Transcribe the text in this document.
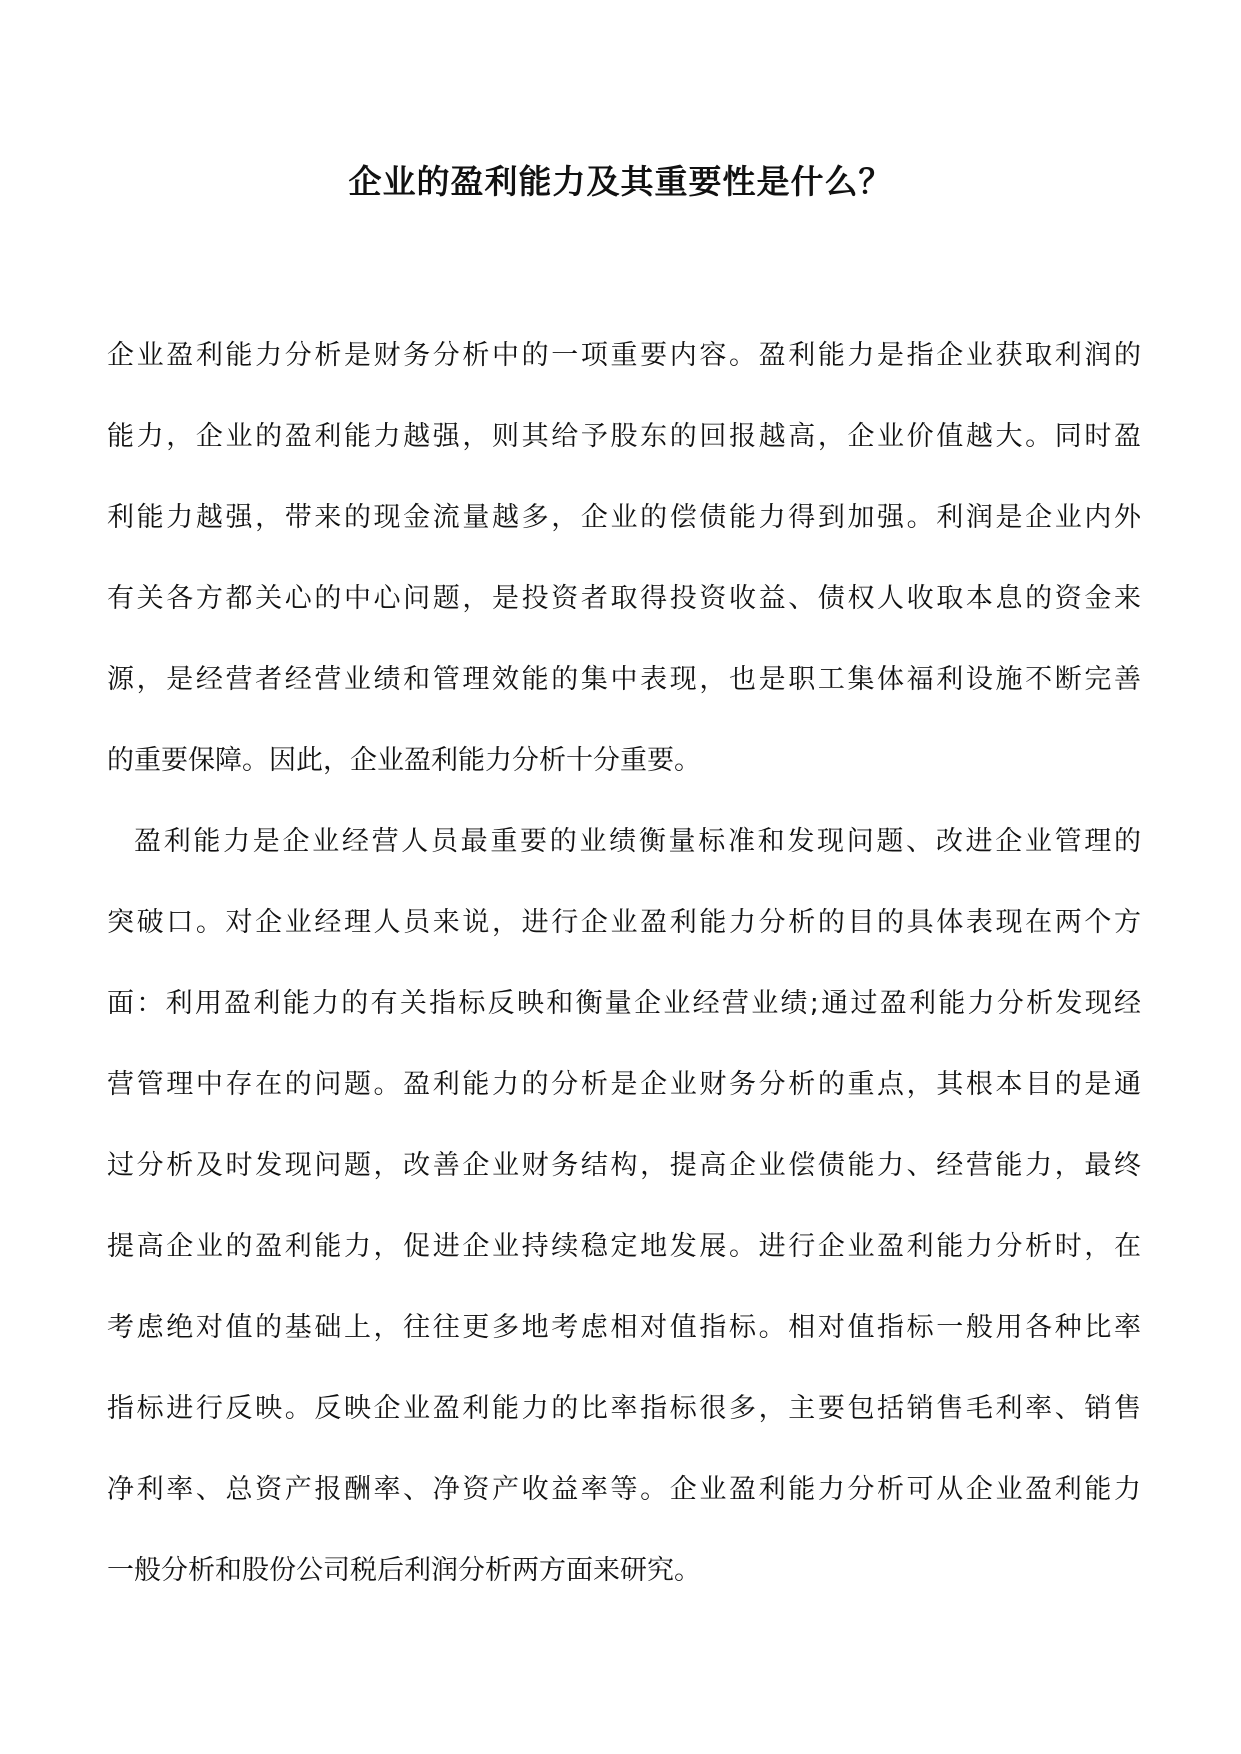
企业的盈利能力及其重要性是什么？
企业盈利能力分析是财务分析中的一项重要内容。盈利能力是指企业获取利润的
能力，企业的盈利能力越强，则其给予股东的回报越高，企业价值越大。同时盈
利能力越强，带来的现金流量越多，企业的偿债能力得到加强。利润是企业内外
有关各方都关心的中心问题，是投资者取得投资收益、债权人收取本息的资金来
源，是经营者经营业绩和管理效能的集中表现，也是职工集体福利设施不断完善
的重要保障。因此，企业盈利能力分析十分重要。
盈利能力是企业经营人员最重要的业绩衡量标准和发现问题、改进企业管理的
突破口。对企业经理人员来说，进行企业盈利能力分析的目的具体表现在两个方
面：利用盈利能力的有关指标反映和衡量企业经营业绩;通过盈利能力分析发现经
营管理中存在的问题。盈利能力的分析是企业财务分析的重点，其根本目的是通
过分析及时发现问题，改善企业财务结构，提高企业偿债能力、经营能力，最终
提高企业的盈利能力，促进企业持续稳定地发展。进行企业盈利能力分析时，在
考虑绝对值的基础上，往往更多地考虑相对值指标。相对值指标一般用各种比率
指标进行反映。反映企业盈利能力的比率指标很多，主要包括销售毛利率、销售
净利率、总资产报酬率、净资产收益率等。企业盈利能力分析可从企业盈利能力
一般分析和股份公司税后利润分析两方面来研究。
